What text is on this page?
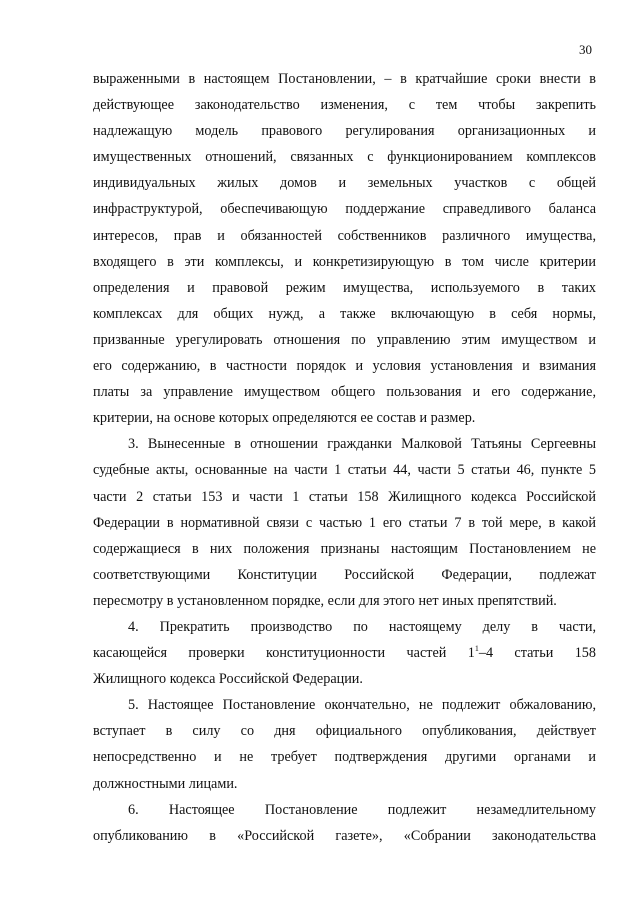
30
выраженными в настоящем Постановлении, – в кратчайшие сроки внести в
действующее законодательство изменения, с тем чтобы закрепить
надлежащую модель правового регулирования организационных и
имущественных отношений, связанных с функционированием комплексов
индивидуальных жилых домов и земельных участков с общей
инфраструктурой, обеспечивающую поддержание справедливого баланса
интересов, прав и обязанностей собственников различного имущества,
входящего в эти комплексы, и конкретизирующую в том числе критерии
определения и правовой режим имущества, используемого в таких
комплексах для общих нужд, а также включающую в себя нормы,
призванные урегулировать отношения по управлению этим имуществом и
его содержанию, в частности порядок и условия установления и взимания
платы за управление имуществом общего пользования и его содержание,
критерии, на основе которых определяются ее состав и размер.
3. Вынесенные в отношении гражданки Малковой Татьяны Сергеевны
судебные акты, основанные на части 1 статьи 44, части 5 статьи 46, пункте 5
части 2 статьи 153 и части 1 статьи 158 Жилищного кодекса Российской
Федерации в нормативной связи с частью 1 его статьи 7 в той мере, в какой
содержащиеся в них положения признаны настоящим Постановлением не
соответствующими Конституции Российской Федерации, подлежат
пересмотру в установленном порядке, если для этого нет иных препятствий.
4. Прекратить производство по настоящему делу в части,
касающейся проверки конституционности частей $1^1-4$ статьи 158
Жилищного кодекса Российской Федерации.
5. Настоящее Постановление окончательно, не подлежит обжалованию,
вступает в силу со дня официального опубликования, действует
непосредственно и не требует подтверждения другими органами и
должностными лицами.
6. Настоящее Постановление подлежит незамедлительному
опубликованию в «Российской газете», «Собрании законодательства
